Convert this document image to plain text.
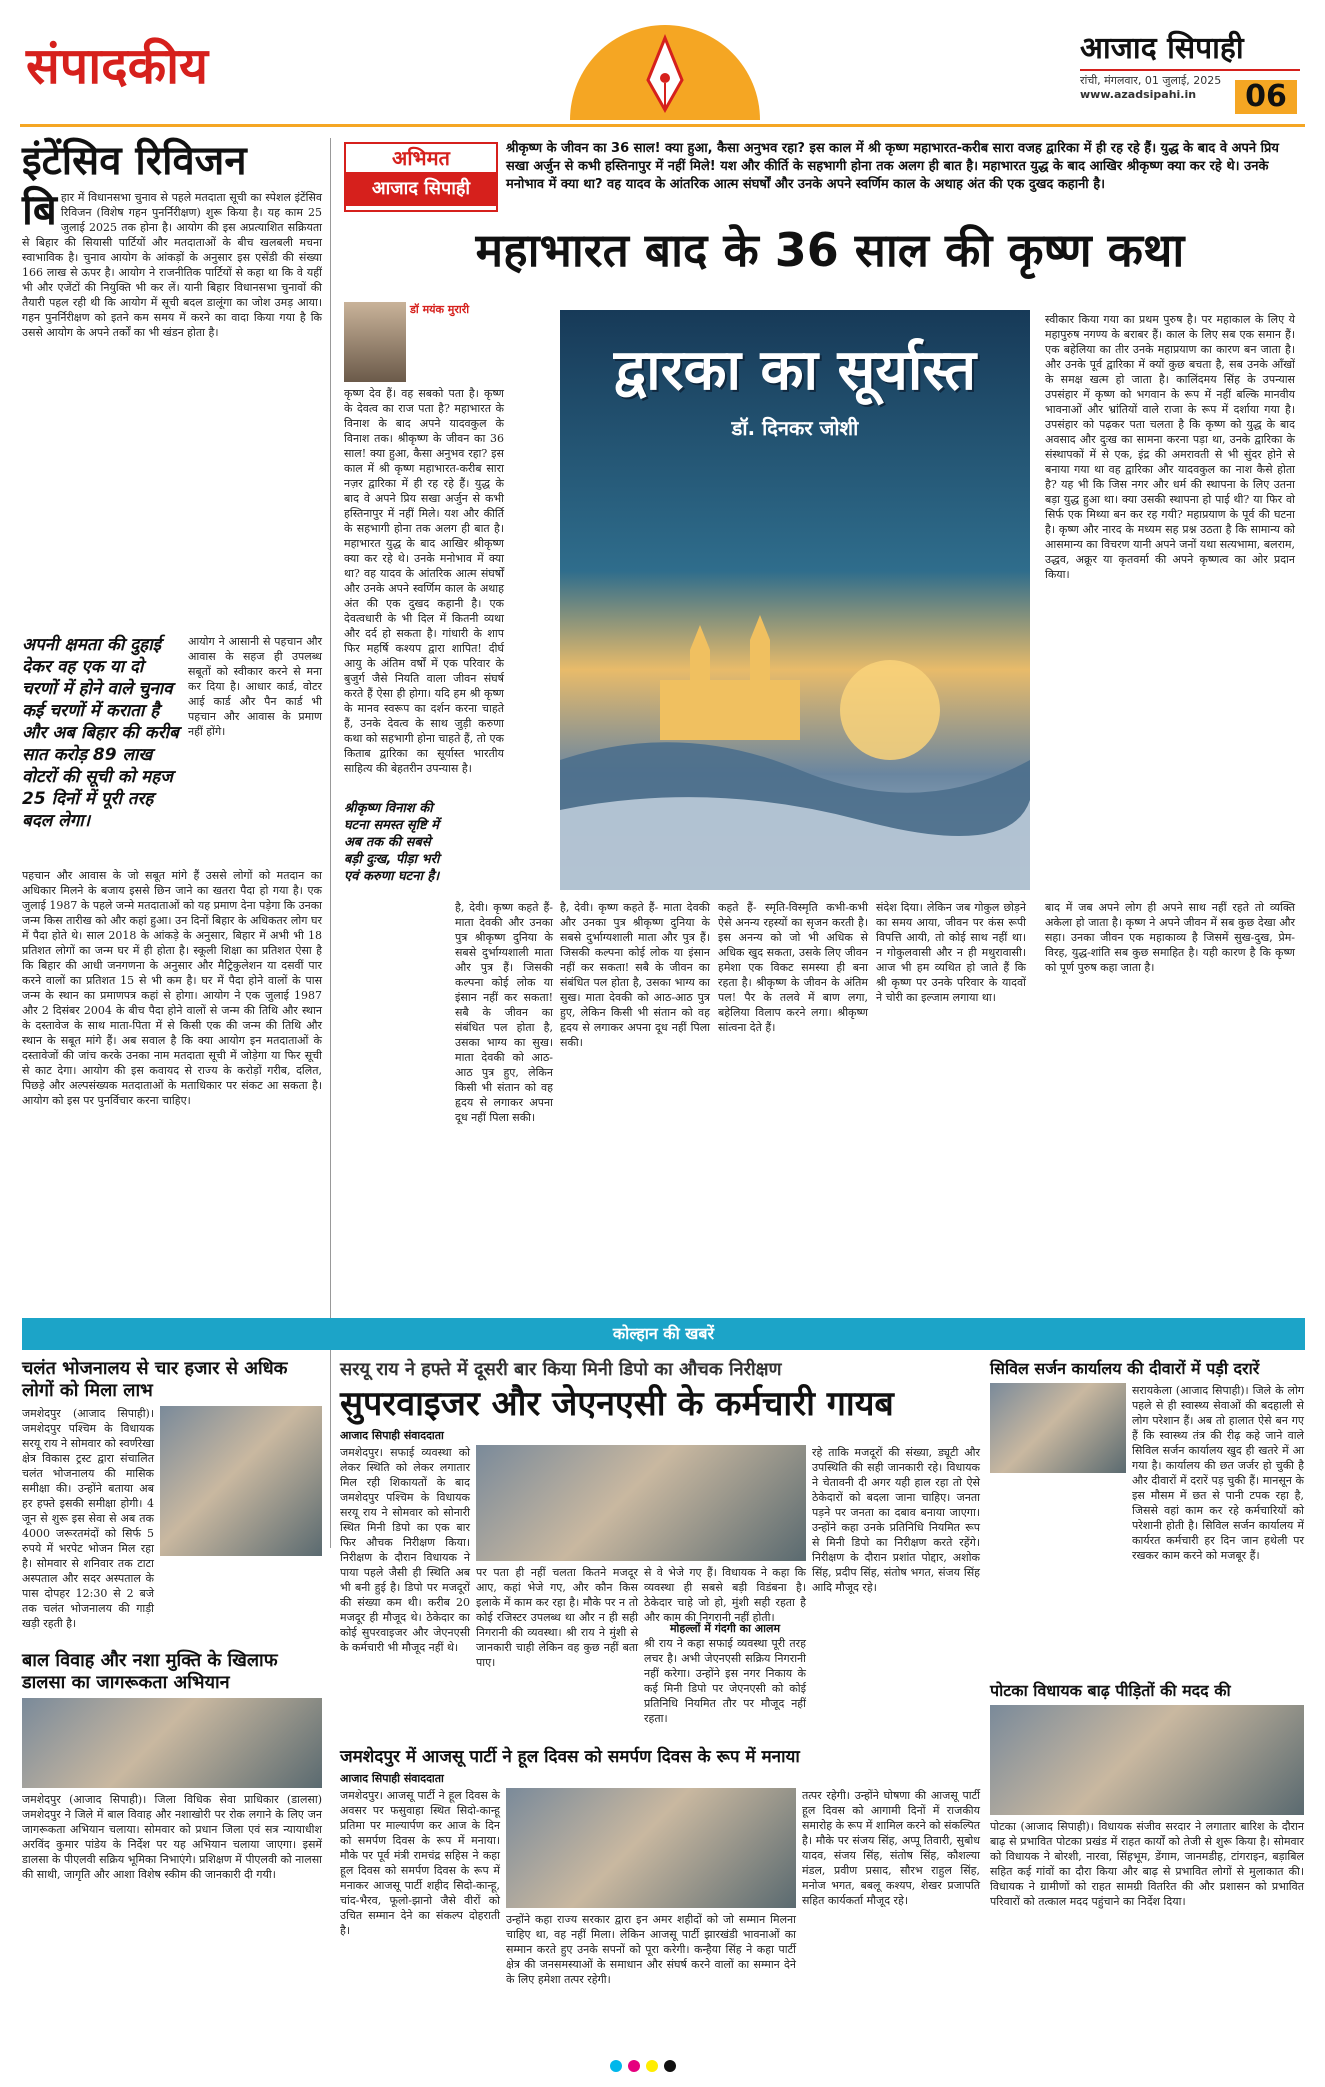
संपादकीय	आजाद सिपाही
रांची, मंगलवार, 01 जुलाई, 2025
www.azadsipahi.in	06
इंटेंसिव रिविजन
बि हार में विधानसभा चुनाव से पहले मतदाता सूची का स्पेशल इंटेंसिव रिविजन (विशेष गहन पुनर्निरीक्षण) शुरू किया है। यह काम 25 जुलाई 2025 तक होना है। आयोग की इस अप्रत्याशित सक्रियता से बिहार की सियासी पार्टियों और मतदाताओं के बीच खलबली मचना स्वाभाविक है। चुनाव आयोग के आंकड़ों के अनुसार इस एसेंडी की संख्या 166 लाख से ऊपर है। आयोग ने राजनीतिक पार्टियों से कहा था कि वे यहीं भी और एजेंटों की नियुक्ति भी कर लें। यानी बिहार विधानसभा चुनावों की तैयारी पहल रही थी कि आयोग में सूची बदल डालूंगा का जोश उमड़ आया। गहन पुनर्निरीक्षण को इतने कम समय में करने का वादा किया गया है कि उससे आयोग के अपने तर्कों का भी खंडन होता है।

अपनी क्षमता की दुहाई देकर वह एक या दो चरणों में होने वाले चुनाव कई चरणों में कराता है और अब बिहार की करीब सात करोड़ 89 लाख वोटरों की सूची को महज 25 दिनों में पूरी तरह बदल लेगा।

आयोग ने आसानी से पहचान और आवास के सहज ही उपलब्ध सबूतों को स्वीकार करने से मना कर दिया है। आधार कार्ड, वोटर आई कार्ड और पैन कार्ड भी पहचान और आवास के प्रमाण नहीं होंगे।

पहचान और आवास के जो सबूत मांगे हैं उससे लोगों को मतदान का अधिकार मिलने के बजाय इससे छिन जाने का खतरा पैदा हो गया है। एक जुलाई 1987 के पहले जन्मे मतदाताओं को यह प्रमाण देना पड़ेगा कि उनका जन्म किस तारीख को और कहां हुआ। उन दिनों बिहार के अधिकतर लोग घर में पैदा होते थे। साल 2018 के आंकड़े के अनुसार, बिहार में अभी भी 18 प्रतिशत लोगों का जन्म घर में ही होता है। स्कूली शिक्षा का प्रतिशत ऐसा है कि बिहार की आधी जनगणना के अनुसार और मैट्रिकुलेशन या दसवीं पार करने वालों का प्रतिशत 15 से भी कम है। घर में पैदा होने वालों के पास जन्म के स्थान का प्रमाणपत्र कहां से होगा। आयोग ने एक जुलाई 1987 और 2 दिसंबर 2004 के बीच पैदा होने वालों से जन्म की तिथि और स्थान के दस्तावेज के साथ माता-पिता में से किसी एक की जन्म की तिथि और स्थान के सबूत मांगे हैं। अब सवाल है कि क्या आयोग इन मतदाताओं के दस्तावेजों की जांच करके उनका नाम मतदाता सूची में जोड़ेगा या फिर सूची से काट देगा। आयोग की इस कवायद से राज्य के करोड़ों गरीब, दलित, पिछड़े और अल्पसंख्यक मतदाताओं के मताधिकार पर संकट आ सकता है। आयोग को इस पर पुनर्विचार करना चाहिए।

अभिमत
आजाद सिपाही
श्रीकृष्ण के जीवन का 36 साल! क्या हुआ, कैसा अनुभव रहा? इस काल में श्री कृष्ण महाभारत-करीब सारा वजह द्वारिका में ही रह रहे हैं। युद्ध के बाद वे अपने प्रिय सखा अर्जुन से कभी हस्तिनापुर में नहीं मिले! यश और कीर्ति के सहभागी होना तक अलग ही बात है। महाभारत युद्ध के बाद आखिर श्रीकृष्ण क्या कर रहे थे। उनके मनोभाव में क्या था? वह यादव के आंतरिक आत्म संघर्षों और उनके अपने स्वर्णिम काल के अथाह अंत की एक दुखद कहानी है।
महाभारत बाद के 36 साल की कृष्ण कथा
डॉ मयंक मुरारी

कृष्ण देव हैं। वह सबको पता है। कृष्ण के देवत्व का राज पता है? महाभारत के विनाश के बाद अपने यादवकुल के विनाश तक। श्रीकृष्ण के जीवन का 36 साल! क्या हुआ, कैसा अनुभव रहा? इस काल में श्री कृष्ण महाभारत-करीब सारा नज़र द्वारिका में ही रह रहे हैं। युद्ध के बाद वे अपने प्रिय सखा अर्जुन से कभी हस्तिनापुर में नहीं मिले। यश और कीर्ति के सहभागी होना तक अलग ही बात है। महाभारत युद्ध के बाद आखिर श्रीकृष्ण क्या कर रहे थे। उनके मनोभाव में क्या था? वह यादव के आंतरिक आत्म संघर्षों और उनके अपने स्वर्णिम काल के अथाह अंत की एक दुखद कहानी है। एक देवत्वधारी के भी दिल में कितनी व्यथा और दर्द हो सकता है। गांधारी के शाप फिर महर्षि कश्यप द्वारा शापित! दीर्घ आयु के अंतिम वर्षों में एक परिवार के बुजुर्ग जैसे नियति वाला जीवन संघर्ष करते हैं ऐसा ही होगा। यदि हम श्री कृष्ण के मानव स्वरूप का दर्शन करना चाहते हैं, उनके देवत्व के साथ जुड़ी करुणा कथा को सहभागी होना चाहते हैं, तो एक किताब द्वारिका का सूर्यास्त भारतीय साहित्य की बेहतरीन उपन्यास है।

श्रीकृष्ण विनाश की घटना समस्त सृष्टि में अब तक की सबसे बड़ी दुःख, पीड़ा भरी एवं करुणा घटना है।
द्वारका का सूर्यास्त
डॉ. दिनकर जोशी

स्वीकार किया गया का प्रथम पुरुष है। पर महाकाल के लिए ये महापुरुष नगण्य के बराबर हैं। काल के लिए सब एक समान हैं। एक बहेलिया का तीर उनके महाप्रयाण का कारण बन जाता है। और उनके पूर्व द्वारिका में क्यों कुछ बचता है, सब उनके आँखों के समक्ष खत्म हो जाता है। कालिंदमय सिंह के उपन्यास उपसंहार में कृष्ण को भगवान के रूप में नहीं बल्कि मानवीय भावनाओं और भ्रांतियों वाले राजा के रूप में दर्शाया गया है। उपसंहार को पढ़कर पता चलता है कि कृष्ण को युद्ध के बाद अवसाद और दुःख का सामना करना पड़ा था, उनके द्वारिका के संस्थापकों में से एक, इंद्र की अमरावती से भी सुंदर होने से बनाया गया था वह द्वारिका और यादवकुल का नाश कैसे होता है? यह भी कि जिस नगर और धर्म की स्थापना के लिए उतना बड़ा युद्ध हुआ था। क्या उसकी स्थापना हो पाई थी? या फिर वो सिर्फ एक मिथ्या बन कर रह गयी? महाप्रयाण के पूर्व की घटना है। कृष्ण और नारद के मध्यम सह प्रश्न उठता है कि सामान्य को आसमान्य का विचरण यानी अपने जनों यथा सत्यभामा, बलराम, उद्धव, अक्रूर या कृतवर्मा की अपने कृष्णत्व का ओर प्रदान किया।

है, देवी। कृष्ण कहते हैं- माता देवकी और उनका पुत्र श्रीकृष्ण दुनिया के सबसे दुर्भाग्यशाली माता और पुत्र हैं। जिसकी कल्पना कोई लोक या इंसान नहीं कर सकता! सबै के जीवन का संबंधित पल होता है, उसका भाग्य का सुख। माता देवकी को आठ-आठ पुत्र हुए, लेकिन किसी भी संतान को वह हृदय से लगाकर अपना दूध नहीं पिला सकी।

कहते हैं- स्मृति-विस्मृति कभी-कभी ऐसे अनन्य रहस्यों का सृजन करती है। इस अनन्य को जो भी अधिक से अधिक खुद सकता, उसके लिए जीवन हमेशा एक विकट समस्या ही बना रहता है। श्रीकृष्ण के जीवन के अंतिम पल! पैर के तलवे में बाण लगा, बहेलिया विलाप करने लगा। श्रीकृष्ण सांत्वना देते हैं।

संदेश दिया। लेकिन जब गोकुल छोड़ने का समय आया, जीवन पर कंस रूपी विपत्ति आयी, तो कोई साथ नहीं था। न गोकुलवासी और न ही मथुरावासी। आज भी हम व्यथित हो जाते हैं कि श्री कृष्ण पर उनके परिवार के यादवों ने चोरी का इल्जाम लगाया था।

बाद में जब अपने लोग ही अपने साथ नहीं रहते तो व्यक्ति अकेला हो जाता है। कृष्ण ने अपने जीवन में सब कुछ देखा और सहा। उनका जीवन एक महाकाव्य है जिसमें सुख-दुख, प्रेम-विरह, युद्ध-शांति सब कुछ समाहित है। यही कारण है कि कृष्ण को पूर्ण पुरुष कहा जाता है।

है, देवी। कृष्ण कहते हैं- माता देवकी और उनका पुत्र श्रीकृष्ण दुनिया के सबसे दुर्भाग्यशाली माता और पुत्र हैं। जिसकी कल्पना कोई लोक या इंसान नहीं कर सकता! सबै के जीवन का संबंधित पल होता है, उसका भाग्य का सुख। माता देवकी को आठ-आठ पुत्र हुए, लेकिन किसी भी संतान को वह हृदय से लगाकर अपना दूध नहीं पिला सकी।

कोल्हान की खबरें
चलंत भोजनालय से चार हजार से अधिक लोगों को मिला लाभ

जमशेदपुर (आजाद सिपाही)। जमशेदपुर पश्चिम के विधायक सरयू राय ने सोमवार को स्वर्णरेखा क्षेत्र विकास ट्रस्ट द्वारा संचालित चलंत भोजनालय की मासिक समीक्षा की। उन्होंने बताया अब हर हफ्ते इसकी समीक्षा होगी। 4 जून से शुरू इस सेवा से अब तक 4000 जरूरतमंदों को सिर्फ 5 रुपये में भरपेट भोजन मिल रहा है। सोमवार से शनिवार तक टाटा अस्पताल और सदर अस्पताल के पास दोपहर 12:30 से 2 बजे तक चलंत भोजनालय की गाड़ी खड़ी रहती है।

बाल विवाह और नशा मुक्ति के खिलाफ डालसा का जागरूकता अभियान

जमशेदपुर (आजाद सिपाही)। जिला विधिक सेवा प्राधिकार (डालसा) जमशेदपुर ने जिले में बाल विवाह और नशाखोरी पर रोक लगाने के लिए जन जागरूकता अभियान चलाया। सोमवार को प्रधान जिला एवं सत्र न्यायाधीश अरविंद कुमार पांडेय के निर्देश पर यह अभियान चलाया जाएगा। इसमें डालसा के पीएलवी सक्रिय भूमिका निभाएंगे। प्रशिक्षण में पीएलवी को नालसा की साथी, जागृति और आशा विशेष स्कीम की जानकारी दी गयी।

सरयू राय ने हफ्ते में दूसरी बार किया मिनी डिपो का औचक निरीक्षण
सुपरवाइजर और जेएनएसी के कर्मचारी गायब
आजाद सिपाही संवाददाता

जमशेदपुर। सफाई व्यवस्था को लेकर स्थिति को लेकर लगातार मिल रही शिकायतों के बाद जमशेदपुर पश्चिम के विधायक सरयू राय ने सोमवार को सोनारी स्थित मिनी डिपो का एक बार फिर औचक निरीक्षण किया। निरीक्षण के दौरान विधायक ने पाया पहले जैसी ही स्थिति अब भी बनी हुई है। डिपो पर मजदूरों की संख्या कम थी। करीब 20 मजदूर ही मौजूद थे। ठेकेदार का कोई सुपरवाइजर और जेएनएसी के कर्मचारी भी मौजूद नहीं थे।

पर पता ही नहीं चलता कितने मजदूर आए, कहां भेजे गए, और कौन किस इलाके में काम कर रहा है। मौके पर न तो कोई रजिस्टर उपलब्ध था और न ही सही निगरानी की व्यवस्था। श्री राय ने मुंशी से जानकारी चाही लेकिन वह कुछ नहीं बता पाए।

से वे भेजे गए हैं। विधायक ने कहा कि व्यवस्था ही सबसे बड़ी विडंबना है। ठेकेदार चाहे जो हो, मुंशी सही रहता है और काम की निगरानी नहीं होती।

मोहल्लों में गंदगी का आलम

श्री राय ने कहा सफाई व्यवस्था पूरी तरह लचर है। अभी जेएनएसी सक्रिय निगरानी नहीं करेगा। उन्होंने इस नगर निकाय के कई मिनी डिपो पर जेएनएसी को कोई प्रतिनिधि नियमित तौर पर मौजूद नहीं रहता।

रहे ताकि मजदूरों की संख्या, ड्यूटी और उपस्थिति की सही जानकारी रहे। विधायक ने चेतावनी दी अगर यही हाल रहा तो ऐसे ठेकेदारों को बदला जाना चाहिए। जनता पड़ने पर जनता का दबाव बनाया जाएगा। उन्होंने कहा उनके प्रतिनिधि नियमित रूप से मिनी डिपो का निरीक्षण करते रहेंगे। निरीक्षण के दौरान प्रशांत पोद्दार, अशोक सिंह, प्रदीप सिंह, संतोष भगत, संजय सिंह आदि मौजूद रहे।

जमशेदपुर में आजसू पार्टी ने हूल दिवस को समर्पण दिवस के रूप में मनाया
आजाद सिपाही संवाददाता

जमशेदपुर। आजसू पार्टी ने हूल दिवस के अवसर पर फसुवाहा स्थित सिदो-कान्हू प्रतिमा पर माल्यार्पण कर आज के दिन को समर्पण दिवस के रूप में मनाया। मौके पर पूर्व मंत्री रामचंद्र सहिस ने कहा हूल दिवस को समर्पण दिवस के रूप में मनाकर आजसू पार्टी शहीद सिदो-कान्हू, चांद-भैरव, फूलो-झानो जैसे वीरों को उचित सम्मान देने का संकल्प दोहराती है।

उन्होंने कहा राज्य सरकार द्वारा इन अमर शहीदों को जो सम्मान मिलना चाहिए था, वह नहीं मिला। लेकिन आजसू पार्टी झारखंडी भावनाओं का सम्मान करते हुए उनके सपनों को पूरा करेगी। कन्हैया सिंह ने कहा पार्टी क्षेत्र की जनसमस्याओं के समाधान और संघर्ष करने वालों का सम्मान देने के लिए हमेशा तत्पर रहेगी।

तत्पर रहेगी। उन्होंने घोषणा की आजसू पार्टी हूल दिवस को आगामी दिनों में राजकीय समारोह के रूप में शामिल करने को संकल्पित है। मौके पर संजय सिंह, अप्पू तिवारी, सुबोध यादव, संजय सिंह, संतोष सिंह, कौशल्या मंडल, प्रवीण प्रसाद, सौरभ राहुल सिंह, मनोज भगत, बबलू कश्यप, शेखर प्रजापति सहित कार्यकर्ता मौजूद रहे।

सिविल सर्जन कार्यालय की दीवारों में पड़ी दरारें

सरायकेला (आजाद सिपाही)। जिले के लोग पहले से ही स्वास्थ्य सेवाओं की बदहाली से लोग परेशान हैं। अब तो हालात ऐसे बन गए हैं कि स्वास्थ्य तंत्र की रीढ़ कहे जाने वाले सिविल सर्जन कार्यालय खुद ही खतरे में आ गया है। कार्यालय की छत जर्जर हो चुकी है और दीवारों में दरारें पड़ चुकी हैं। मानसून के इस मौसम में छत से पानी टपक रहा है, जिससे वहां काम कर रहे कर्मचारियों को परेशानी होती है। सिविल सर्जन कार्यालय में कार्यरत कर्मचारी हर दिन जान हथेली पर रखकर काम करने को मजबूर हैं।

पोटका विधायक बाढ़ पीड़ितों की मदद की

पोटका (आजाद सिपाही)। विधायक संजीव सरदार ने लगातार बारिश के दौरान बाढ़ से प्रभावित पोटका प्रखंड में राहत कार्यों को तेजी से शुरू किया है। सोमवार को विधायक ने बोरशी, नारवा, सिंहभूम, डेंगाम, जानमडीह, टांगराइन, बड़ाबिल सहित कई गांवों का दौरा किया और बाढ़ से प्रभावित लोगों से मुलाकात की। विधायक ने ग्रामीणों को राहत सामग्री वितरित की और प्रशासन को प्रभावित परिवारों को तत्काल मदद पहुंचाने का निर्देश दिया।
